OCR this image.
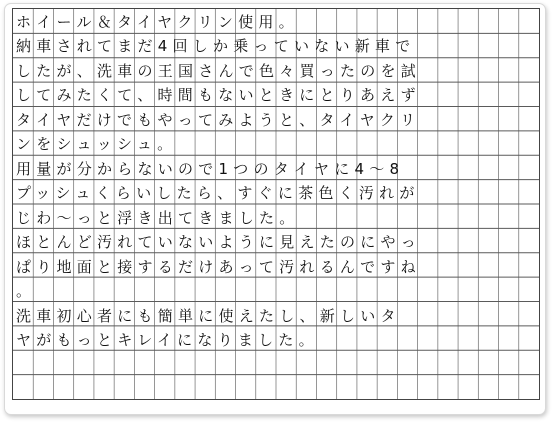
ホイール＆タイヤクリン使用。
納車されてまだ4回しか乗っていない新車で
したが、洗車の王国さんで色々買ったのを試
してみたくて、時間もないときにとりあえず
タイヤだけでもやってみようと、タイヤクリ
ンをシュッシュ。
用量が分からないので1つのタイヤに4〜8
プッシュくらいしたら、すぐに茶色く汚れが
じわ〜っと浮き出てきました。
ほとんど汚れていないように見えたのにやっ
ぱり地面と接するだけあって汚れるんですね
。
洗車初心者にも簡単に使えたし、新しいタ
ヤがもっとキレイになりました。
